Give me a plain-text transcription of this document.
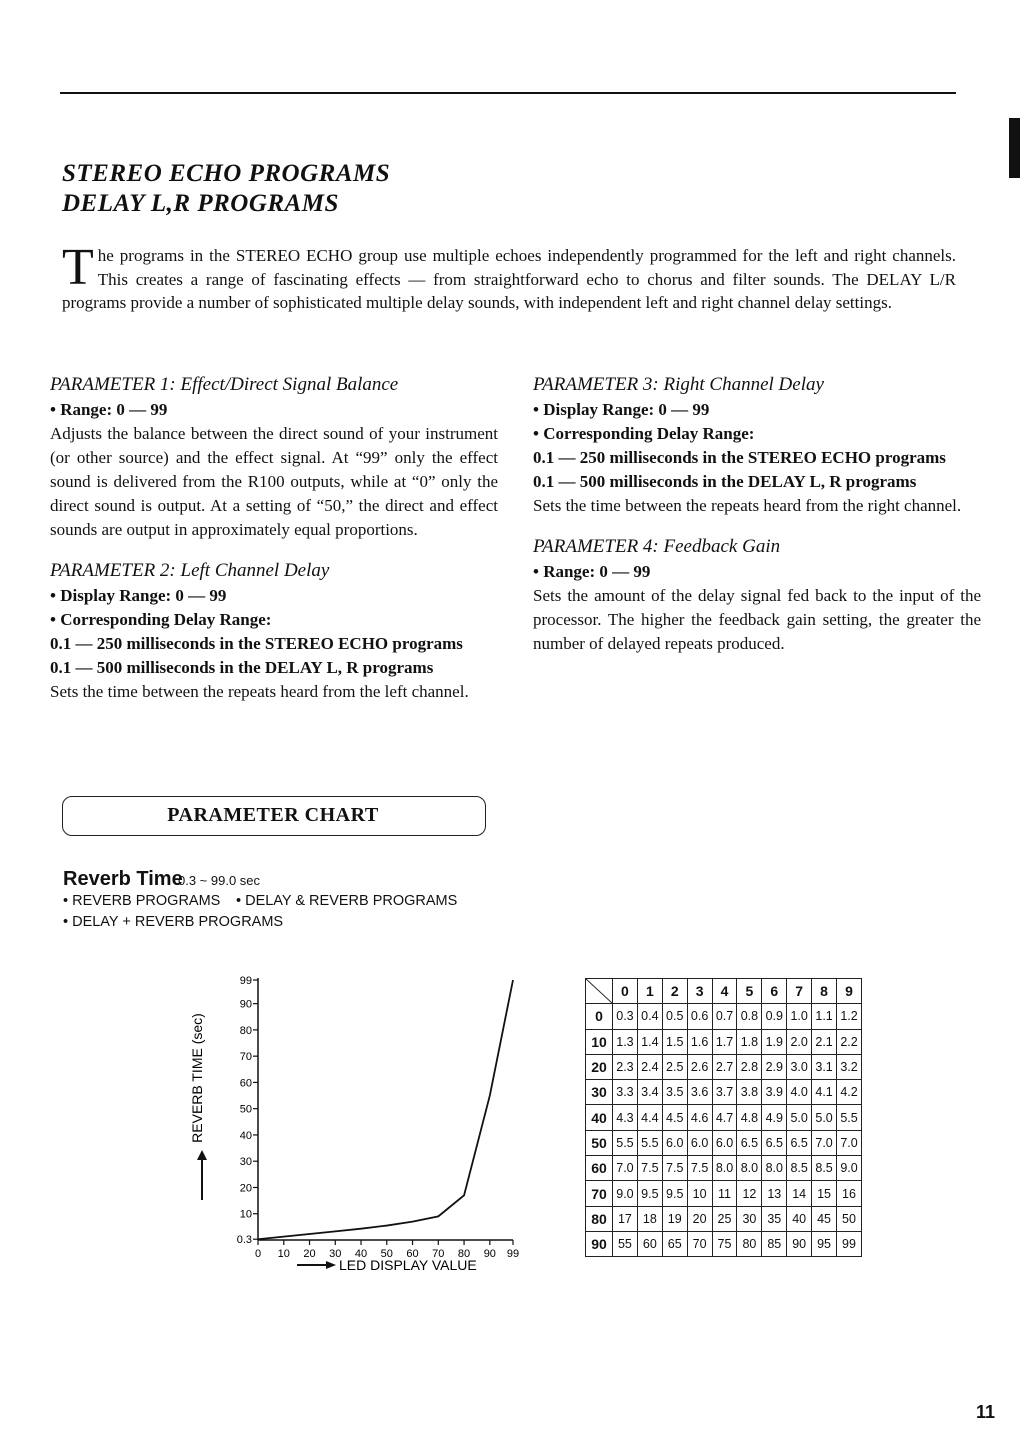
STEREO ECHO PROGRAMS
DELAY L,R PROGRAMS
The programs in the STEREO ECHO group use multiple echoes independently programmed for the left and right channels. This creates a range of fascinating effects — from straightforward echo to chorus and filter sounds. The DELAY L/R programs provide a number of sophisticated multiple delay sounds, with independent left and right channel delay settings.
PARAMETER 1: Effect/Direct Signal Balance
• Range: 0 — 99
Adjusts the balance between the direct sound of your instrument (or other source) and the effect signal. At “99” only the effect sound is delivered from the R100 outputs, while at “0” only the direct sound is output. At a setting of “50,” the direct and effect sounds are output in approximately equal proportions.
PARAMETER 2: Left Channel Delay
• Display Range: 0 — 99
• Corresponding Delay Range:
0.1 — 250 milliseconds in the STEREO ECHO programs
0.1 — 500 milliseconds in the DELAY L, R programs
Sets the time between the repeats heard from the left channel.
PARAMETER 3: Right Channel Delay
• Display Range: 0 — 99
• Corresponding Delay Range:
0.1 — 250 milliseconds in the STEREO ECHO programs
0.1 — 500 milliseconds in the DELAY L, R programs
Sets the time between the repeats heard from the right channel.
PARAMETER 4: Feedback Gain
• Range: 0 — 99
Sets the amount of the delay signal fed back to the input of the processor. The higher the feedback gain setting, the greater the number of delayed repeats produced.
PARAMETER CHART
Reverb Time
0.3 ~ 99.0 sec
• REVERB PROGRAMS • DELAY & REVERB PROGRAMS
• DELAY + REVERB PROGRAMS
0.3
10
20
30
40
50
60
70
80
90
99
0 10 20 30 40 50 60 70 80 90 99
REVERB TIME (sec)
LED DISPLAY VALUE
	0	1	2	3	4	5	6	7	8	9
0	0.3	0.4	0.5	0.6	0.7	0.8	0.9	1.0	1.1	1.2
10	1.3	1.4	1.5	1.6	1.7	1.8	1.9	2.0	2.1	2.2
20	2.3	2.4	2.5	2.6	2.7	2.8	2.9	3.0	3.1	3.2
30	3.3	3.4	3.5	3.6	3.7	3.8	3.9	4.0	4.1	4.2
40	4.3	4.4	4.5	4.6	4.7	4.8	4.9	5.0	5.0	5.5
50	5.5	5.5	6.0	6.0	6.0	6.5	6.5	6.5	7.0	7.0
60	7.0	7.5	7.5	7.5	8.0	8.0	8.0	8.5	8.5	9.0
70	9.0	9.5	9.5	10	11	12	13	14	15	16
80	17	18	19	20	25	30	35	40	45	50
90	55	60	65	70	75	80	85	90	95	99
11
